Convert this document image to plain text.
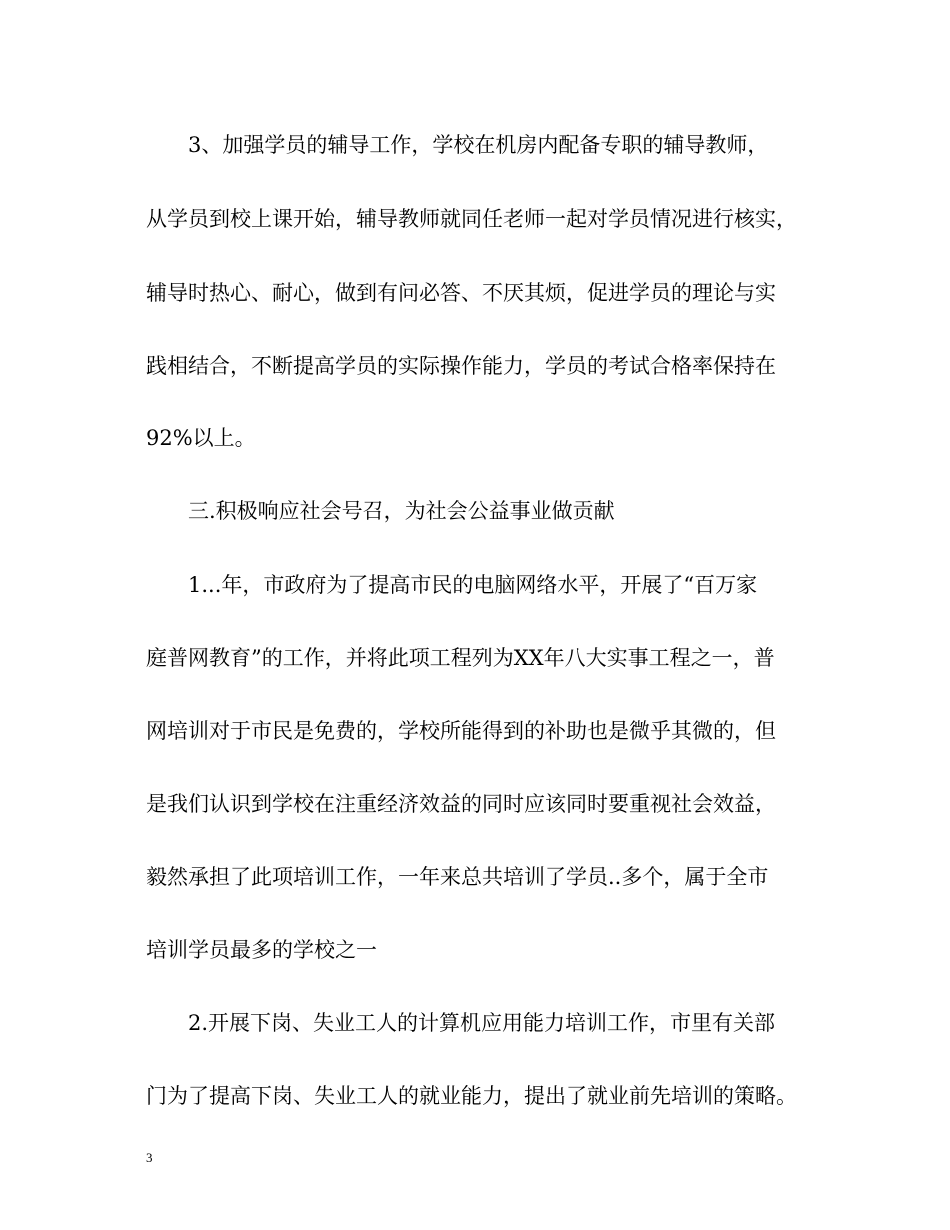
3、加强学员的辅导工作，学校在机房内配备专职的辅导教师，

从学员到校上课开始，辅导教师就同任老师一起对学员情况进行核实，

辅导时热心、耐心，做到有问必答、不厌其烦，促进学员的理论与实

践相结合，不断提高学员的实际操作能力，学员的考试合格率保持在

92%以上。

三.积极响应社会号召，为社会公益事业做贡献

1...年，市政府为了提高市民的电脑网络水平，开展了“百万家

庭普网教育”的工作，并将此项工程列为XX年八大实事工程之一，普

网培训对于市民是免费的，学校所能得到的补助也是微乎其微的，但

是我们认识到学校在注重经济效益的同时应该同时要重视社会效益，

毅然承担了此项培训工作，一年来总共培训了学员..多个，属于全市

培训学员最多的学校之一

2.开展下岗、失业工人的计算机应用能力培训工作，市里有关部

门为了提高下岗、失业工人的就业能力，提出了就业前先培训的策略。

3
